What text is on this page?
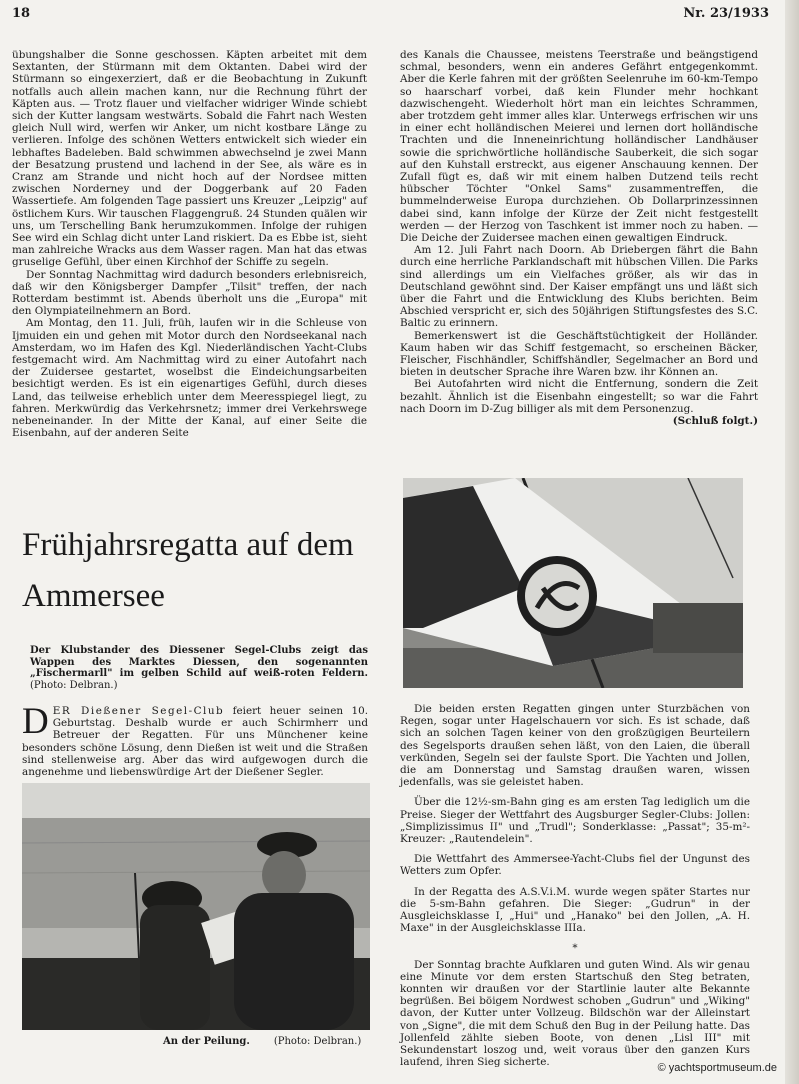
18	Nr. 23/1933

übungshalber die Sonne geschossen. Käpten arbeitet mit dem Sextanten, der Stürmann mit dem Oktanten. Dabei wird der Stürmann so eingexerziert, daß er die Beobachtung in Zukunft notfalls auch allein machen kann, nur die Rechnung führt der Käpten aus. — Trotz flauer und vielfacher widriger Winde schiebt sich der Kutter langsam westwärts. Sobald die Fahrt nach Westen gleich Null wird, werfen wir Anker, um nicht kostbare Länge zu verlieren. Infolge des schönen Wetters entwickelt sich wieder ein lebhaftes Badeleben. Bald schwimmen abwechselnd je zwei Mann der Besatzung prustend und lachend in der See, als wäre es in Cranz am Strande und nicht hoch auf der Nordsee mitten zwischen Norderney und der Doggerbank auf 20 Faden Wassertiefe. Am folgenden Tage passiert uns Kreuzer „Leipzig" auf östlichem Kurs. Wir tauschen Flaggengruß. 24 Stunden quälen wir uns, um Terschelling Bank herumzukommen. Infolge der ruhigen See wird ein Schlag dicht unter Land riskiert. Da es Ebbe ist, sieht man zahlreiche Wracks aus dem Wasser ragen. Man hat das etwas gruselige Gefühl, über einen Kirchhof der Schiffe zu segeln.

Der Sonntag Nachmittag wird dadurch besonders erlebnisreich, daß wir den Königsberger Dampfer „Tilsit" treffen, der nach Rotterdam bestimmt ist. Abends überholt uns die „Europa" mit den Olympiateilnehmern an Bord.

Am Montag, den 11. Juli, früh, laufen wir in die Schleuse von Ijmuiden ein und gehen mit Motor durch den Nordseekanal nach Amsterdam, wo im Hafen des Kgl. Niederländischen Yacht-Clubs festgemacht wird. Am Nachmittag wird zu einer Autofahrt nach der Zuidersee gestartet, woselbst die Eindeichungsarbeiten besichtigt werden. Es ist ein eigenartiges Gefühl, durch dieses Land, das teilweise erheblich unter dem Meeresspiegel liegt, zu fahren. Merkwürdig das Verkehrsnetz; immer drei Verkehrswege nebeneinander. In der Mitte der Kanal, auf einer Seite die Eisenbahn, auf der anderen Seite

des Kanals die Chaussee, meistens Teerstraße und beängstigend schmal, besonders, wenn ein anderes Gefährt entgegenkommt. Aber die Kerle fahren mit der größten Seelenruhe im 60-km-Tempo so haarscharf vorbei, daß kein Flunder mehr hochkant dazwischengeht. Wiederholt hört man ein leichtes Schrammen, aber trotzdem geht immer alles klar. Unterwegs erfrischen wir uns in einer echt holländischen Meierei und lernen dort holländische Trachten und die Inneneinrichtung holländischer Landhäuser sowie die sprichwörtliche holländische Sauberkeit, die sich sogar auf den Kuhstall erstreckt, aus eigener Anschauung kennen. Der Zufall fügt es, daß wir mit einem halben Dutzend teils recht hübscher Töchter "Onkel Sams" zusammentreffen, die bummelnderweise Europa durchziehen. Ob Dollarprinzessinnen dabei sind, kann infolge der Kürze der Zeit nicht festgestellt werden — der Herzog von Taschkent ist immer noch zu haben. — Die Deiche der Zuidersee machen einen gewaltigen Eindruck.

Am 12. Juli Fahrt nach Doorn. Ab Driebergen fährt die Bahn durch eine herrliche Parklandschaft mit hübschen Villen. Die Parks sind allerdings um ein Vielfaches größer, als wir das in Deutschland gewöhnt sind. Der Kaiser empfängt uns und läßt sich über die Fahrt und die Entwicklung des Klubs berichten. Beim Abschied verspricht er, sich des 50jährigen Stiftungsfestes des S.C. Baltic zu erinnern.

Bemerkenswert ist die Geschäftstüchtigkeit der Holländer. Kaum haben wir das Schiff festgemacht, so erscheinen Bäcker, Fleischer, Fischhändler, Schiffshändler, Segelmacher an Bord und bieten in deutscher Sprache ihre Waren bzw. ihr Können an.

Bei Autofahrten wird nicht die Entfernung, sondern die Zeit bezahlt. Ähnlich ist die Eisenbahn eingestellt; so war die Fahrt nach Doorn im D-Zug billiger als mit dem Personenzug.

(Schluß folgt.)
Frühjahrsregatta auf dem Ammersee
Der Klubstander des Diessener Segel-Clubs zeigt das Wappen des Marktes Diessen, den sogenannten „Fischermarll" im gelben Schild auf weiß-roten Feldern. (Photo: Delbran.)
DER Dießener Segel-Club feiert heuer seinen 10. Geburtstag. Deshalb wurde er auch Schirmherr und Betreuer der Regatten. Für uns Münchener keine besonders schöne Lösung, denn Dießen ist weit und die Straßen sind stellenweise arg. Aber das wird aufgewogen durch die angenehme und liebenswürdige Art der Dießener Segler.
An der Peilung. (Photo: Delbran.)

Die beiden ersten Regatten gingen unter Sturzbächen von Regen, sogar unter Hagelschauern vor sich. Es ist schade, daß sich an solchen Tagen keiner von den großzügigen Beurteilern des Segelsports draußen sehen läßt, von den Laien, die überall verkünden, Segeln sei der faulste Sport. Die Yachten und Jollen, die am Donnerstag und Samstag draußen waren, wissen jedenfalls, was sie geleistet haben.

Über die 12½-sm-Bahn ging es am ersten Tag lediglich um die Preise. Sieger der Wettfahrt des Augsburger Segler-Clubs: Jollen: „Simplizissimus II" und „Trudl"; Sonderklasse: „Passat"; 35-m²-Kreuzer: „Rautendelein".

Die Wettfahrt des Ammersee-Yacht-Clubs fiel der Ungunst des Wetters zum Opfer.

In der Regatta des A.S.V.i.M. wurde wegen später Startes nur die 5-sm-Bahn gefahren. Die Sieger: „Gudrun" in der Ausgleichsklasse I, „Hui" und „Hanako" bei den Jollen, „A. H. Maxe" in der Ausgleichsklasse IIIa.

*

Der Sonntag brachte Aufklaren und guten Wind. Als wir genau eine Minute vor dem ersten Startschuß den Steg betraten, konnten wir draußen vor der Startlinie lauter alte Bekannte begrüßen. Bei böigem Nordwest schoben „Gudrun" und „Wiking" davon, der Kutter unter Vollzeug. Bildschön war der Alleinstart von „Signe", die mit dem Schuß den Bug in der Peilung hatte. Das Jollenfeld zählte sieben Boote, von denen „Lisl III" mit Sekundenstart loszog und, weit voraus über den ganzen Kurs laufend, ihren Sieg sicherte.	© yachtsportmuseum.de
